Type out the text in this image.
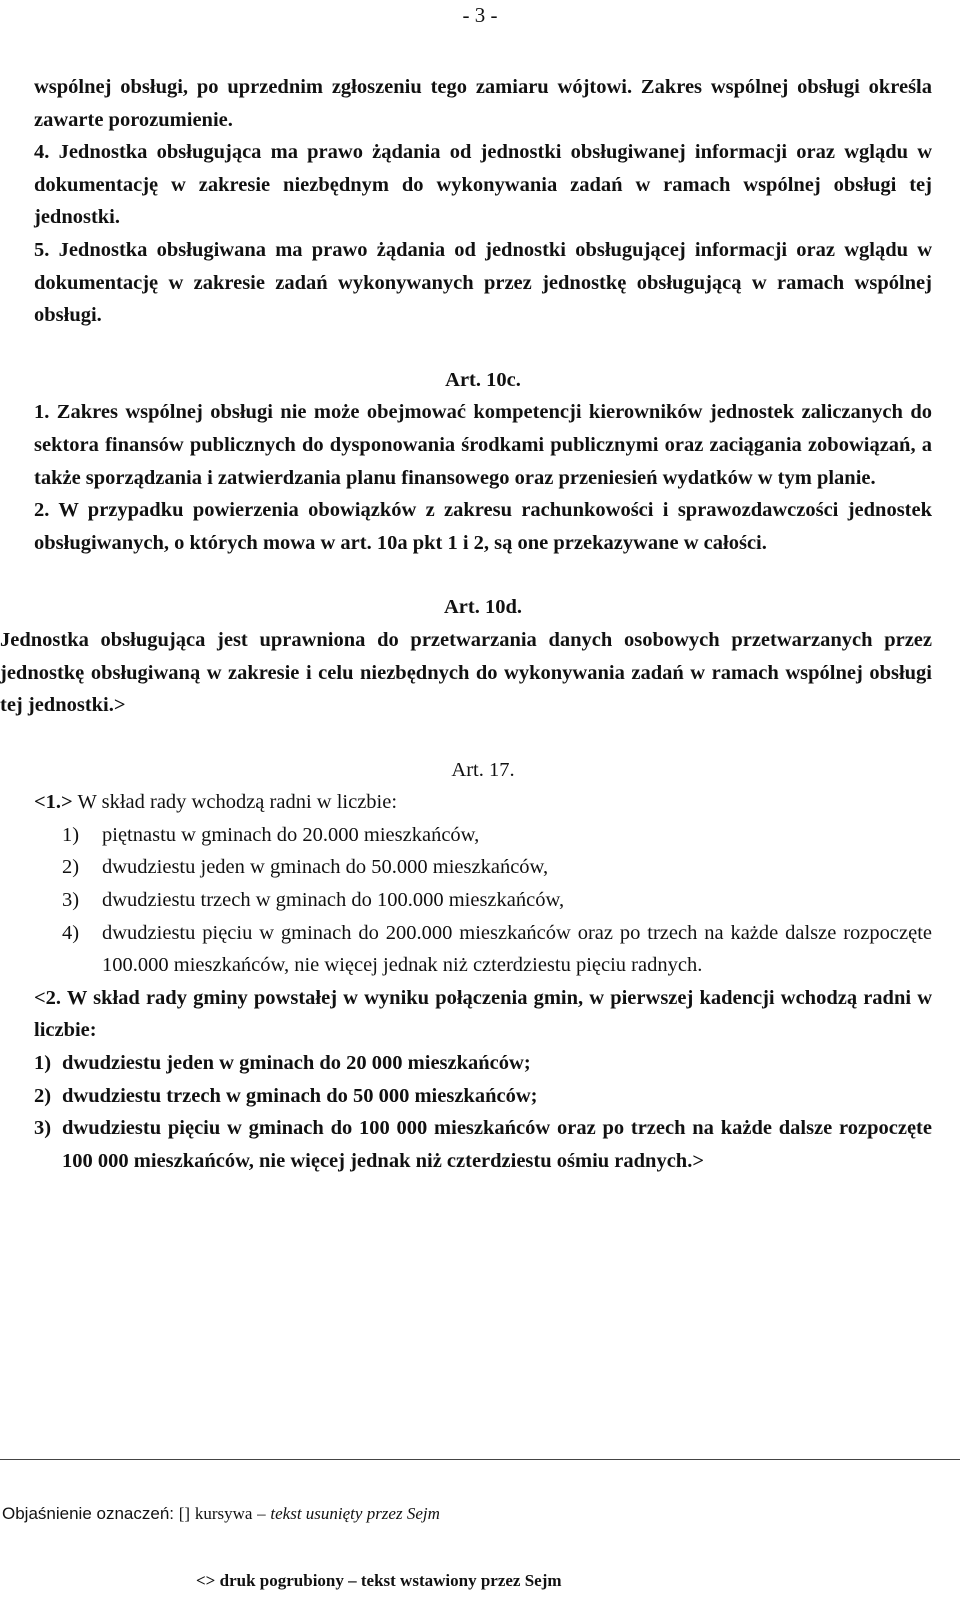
- 3 -

wspólnej obsługi, po uprzednim zgłoszeniu tego zamiaru wójtowi. Zakres wspólnej obsługi określa zawarte porozumienie.

4. Jednostka obsługująca ma prawo żądania od jednostki obsługiwanej informacji oraz wglądu w dokumentację w zakresie niezbędnym do wykonywania zadań w ramach wspólnej obsługi tej jednostki.

5. Jednostka obsługiwana ma prawo żądania od jednostki obsługującej informacji oraz wglądu w dokumentację w zakresie zadań wykonywanych przez jednostkę obsługującą w ramach wspólnej obsługi.

Art. 10c.

1. Zakres wspólnej obsługi nie może obejmować kompetencji kierowników jednostek zaliczanych do sektora finansów publicznych do dysponowania środkami publicznymi oraz zaciągania zobowiązań, a także sporządzania i zatwierdzania planu finansowego oraz przeniesień wydatków w tym planie.

2. W przypadku powierzenia obowiązków z zakresu rachunkowości i sprawozdawczości jednostek obsługiwanych, o których mowa w art. 10a pkt 1 i 2, są one przekazywane w całości.

Art. 10d.

Jednostka obsługująca jest uprawniona do przetwarzania danych osobowych przetwarzanych przez jednostkę obsługiwaną w zakresie i celu niezbędnych do wykonywania zadań w ramach wspólnej obsługi tej jednostki.>

Art. 17.

<1.> W skład rady wchodzą radni w liczbie:

1)	piętnastu w gminach do 20.000 mieszkańców,
2)	dwudziestu jeden w gminach do 50.000 mieszkańców,
3)	dwudziestu trzech w gminach do 100.000 mieszkańców,
4)	dwudziestu pięciu w gminach do 200.000 mieszkańców oraz po trzech na każde dalsze rozpoczęte 100.000 mieszkańców, nie więcej jednak niż czterdziestu pięciu radnych.

<2. W skład rady gminy powstałej w wyniku połączenia gmin, w pierwszej kadencji wchodzą radni w liczbie:

1) dwudziestu jeden w gminach do 20 000 mieszkańców;
2) dwudziestu trzech w gminach do 50 000 mieszkańców;
3) dwudziestu pięciu w gminach do 100 000 mieszkańców oraz po trzech na każde dalsze rozpoczęte 100 000 mieszkańców, nie więcej jednak niż czterdziestu ośmiu radnych.>
Objaśnienie oznaczeń: [] kursywa – tekst usunięty przez Sejm
<> druk pogrubiony – tekst wstawiony przez Sejm
